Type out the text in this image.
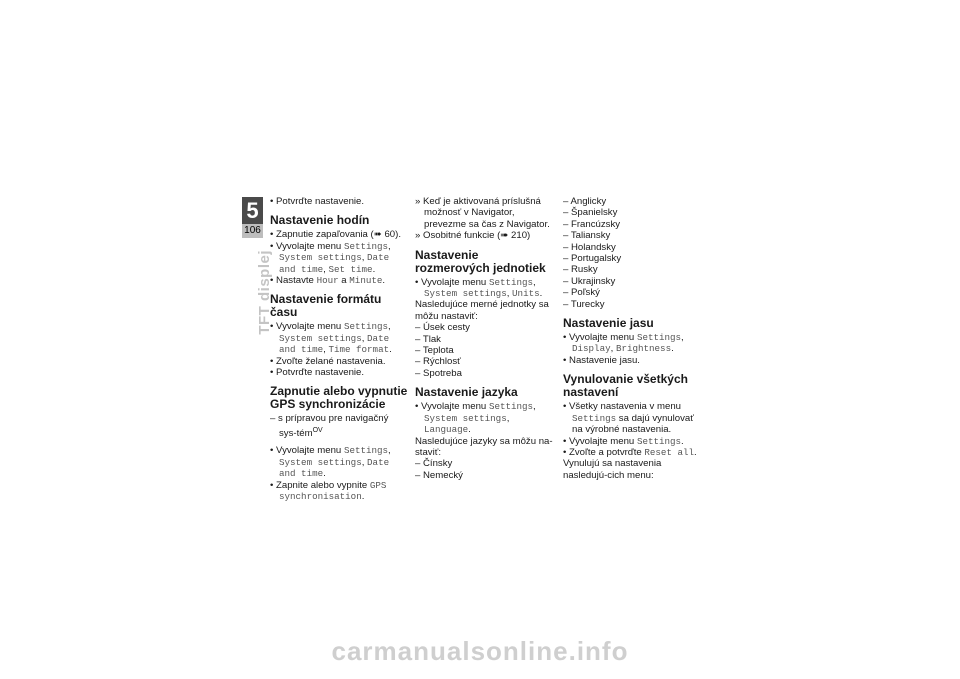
5
106
TFT displej

• Potvrďte nastavenie.

Nastavenie hodín

• Zapnutie zapaľovania (➠ 60).

• Vyvolajte menu Settings, System settings, Date and time, Set time.

• Nastavte Hour a Minute.

Nastavenie formátu času

• Vyvolajte menu Settings, System settings, Date and time, Time format.

• Zvoľte želané nastavenia.

• Potvrďte nastavenie.

Zapnutie alebo vypnutie GPS synchronizácie

– s prípravou pre navigačný sys-tém$^{OV}$

• Vyvolajte menu Settings, System settings, Date and time.

• Zapnite alebo vypnite GPS synchronisation.

» Keď je aktivovaná príslušná možnosť v Navigator, prevezme sa čas z Navigator.

» Osobitné funkcie (➠ 210)

Nastavenie rozmerových jednotiek

• Vyvolajte menu Settings, System settings, Units.

Nasledujúce merné jednotky sa môžu nastaviť:

– Úsek cesty

– Tlak

– Teplota

– Rýchlosť

– Spotreba

Nastavenie jazyka

• Vyvolajte menu Settings, System settings, Language.

Nasledujúce jazyky sa môžu na-staviť:

– Čínsky

– Nemecký

– Anglicky

– Španielsky

– Francúzsky

– Taliansky

– Holandsky

– Portugalsky

– Rusky

– Ukrajinsky

– Poľský

– Turecky

Nastavenie jasu

• Vyvolajte menu Settings, Display, Brightness.

• Nastavenie jasu.

Vynulovanie všetkých nastavení

• Všetky nastavenia v menu Settings sa dajú vynulovať na výrobné nastavenia.

• Vyvolajte menu Settings.

• Zvoľte a potvrďte Reset all.

Vynulujú sa nastavenia nasledujú-cich menu:

carmanualsonline.info
